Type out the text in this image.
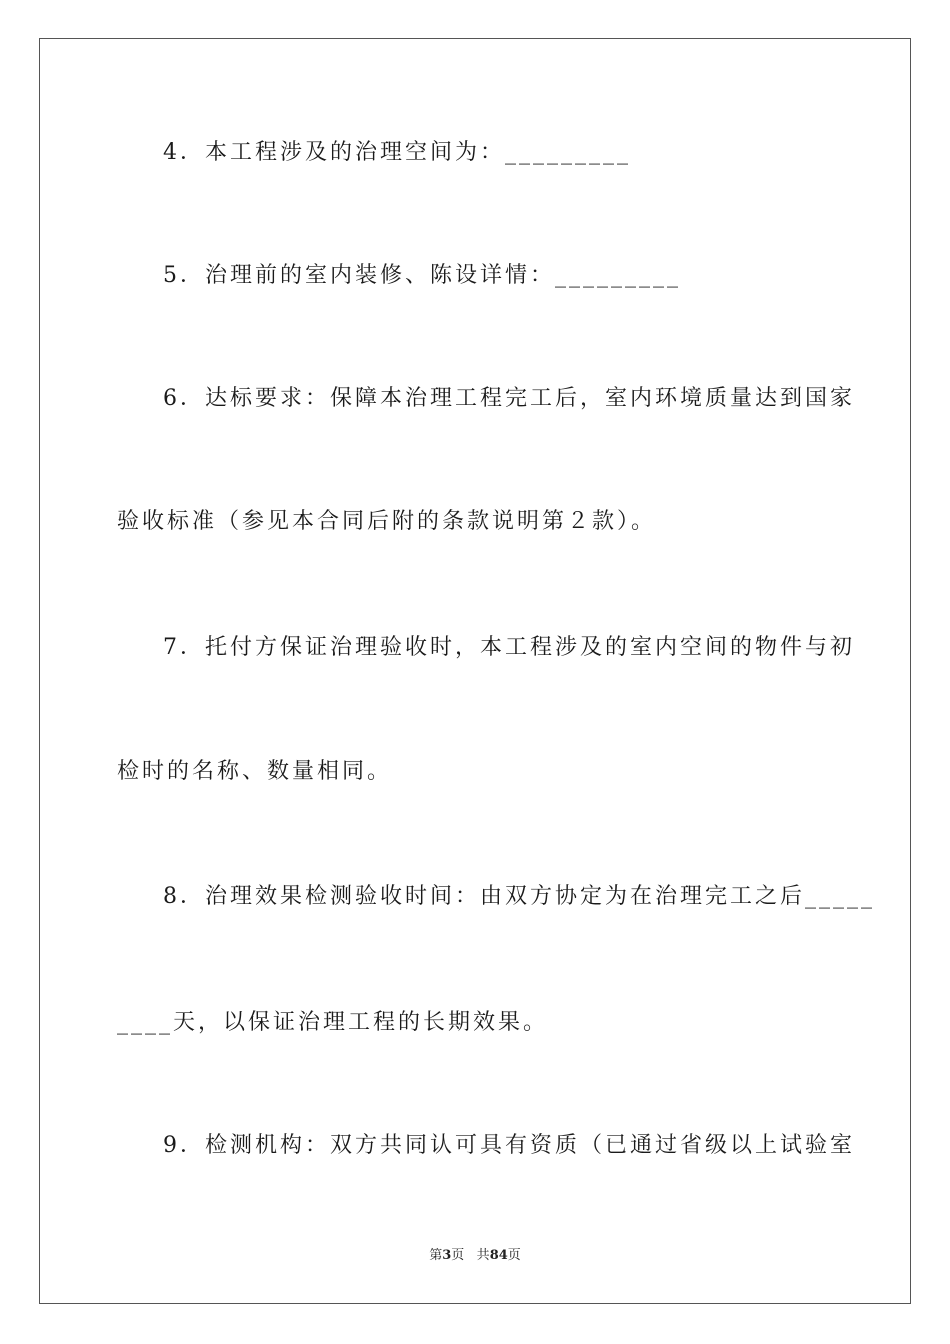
4．本工程涉及的治理空间为：_________
5．治理前的室内装修、陈设详情：_________
6．达标要求：保障本治理工程完工后，室内环境质量达到国家
验收标准（参见本合同后附的条款说明第２款）。
7．托付方保证治理验收时，本工程涉及的室内空间的物件与初
检时的名称、数量相同。
8．治理效果检测验收时间：由双方协定为在治理完工之后_____
____天，以保证治理工程的长期效果。
9．检测机构：双方共同认可具有资质（已通过省级以上试验室
第3页 共84页
